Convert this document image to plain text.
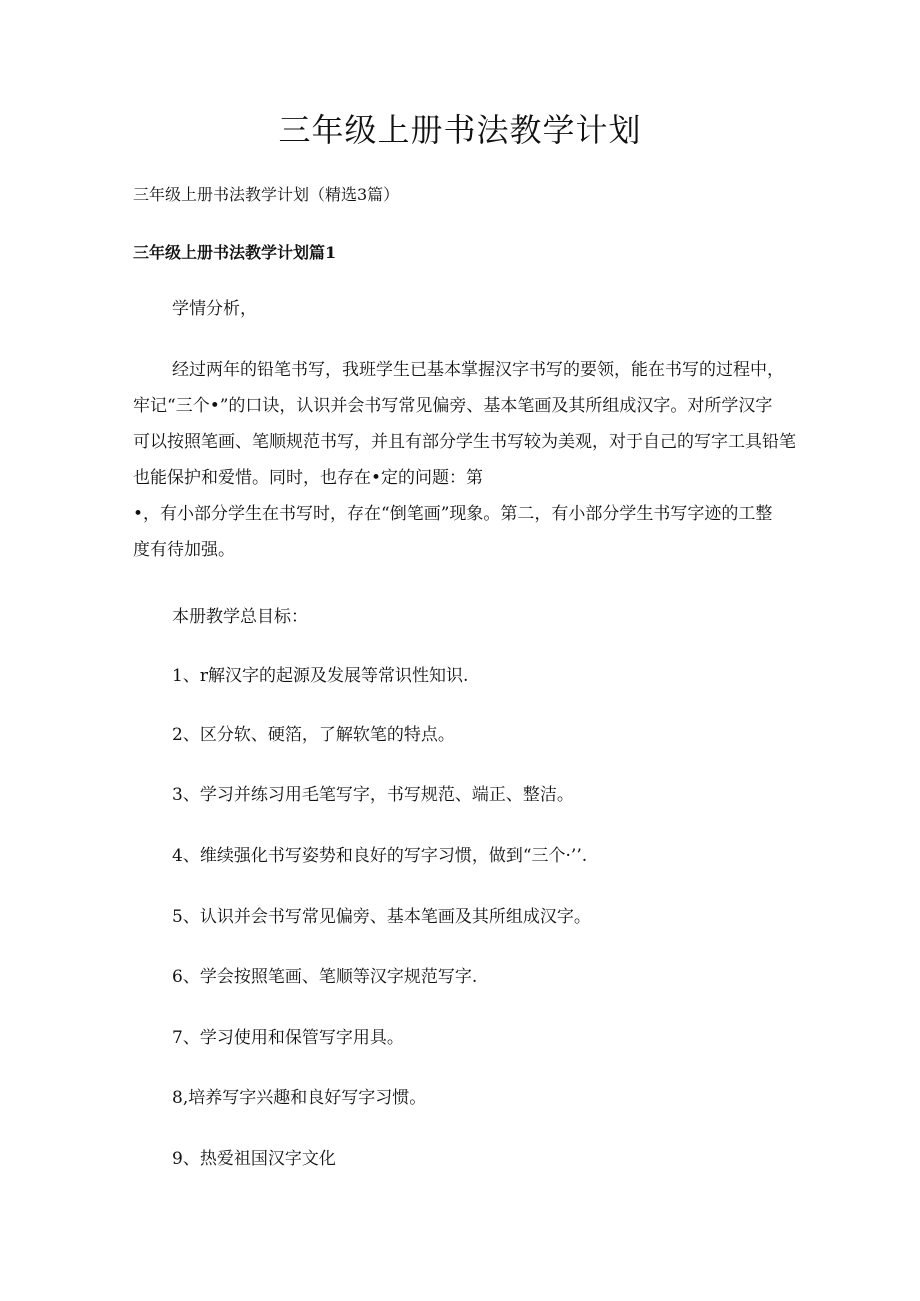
三年级上册书法教学计划
三年级上册书法教学计划（精选3篇）
三年级上册书法教学计划篇1
学情分析，
经过两年的铅笔书写，我班学生已基本掌握汉字书写的要领，能在书写的过程中，
牢记“三个•”的口诀，认识并会书写常见偏旁、基本笔画及其所组成汉字。对所学汉字
可以按照笔画、笔顺规范书写，并且有部分学生书写较为美观，对于自己的写字工具铅笔
也能保护和爱惜。同时，也存在•定的问题：第
•，有小部分学生在书写时，存在“倒笔画”现象。第二，有小部分学生书写字迹的工整
度有待加强。
本册教学总目标：
1、r解汉字的起源及发展等常识性知识.
2、区分软、硬箔，了解软笔的特点。
3、学习并练习用毛笔写字，书写规范、端正、整洁。
4、维续强化书写姿势和良好的写字习惯，做到“三个·’’.
5、认识并会书写常见偏旁、基本笔画及其所组成汉字。
6、学会按照笔画、笔顺等汉字规范写字.
7、学习使用和保管写字用具。
8,培养写字兴趣和良好写字习惯。
9、热爱祖国汉字文化
